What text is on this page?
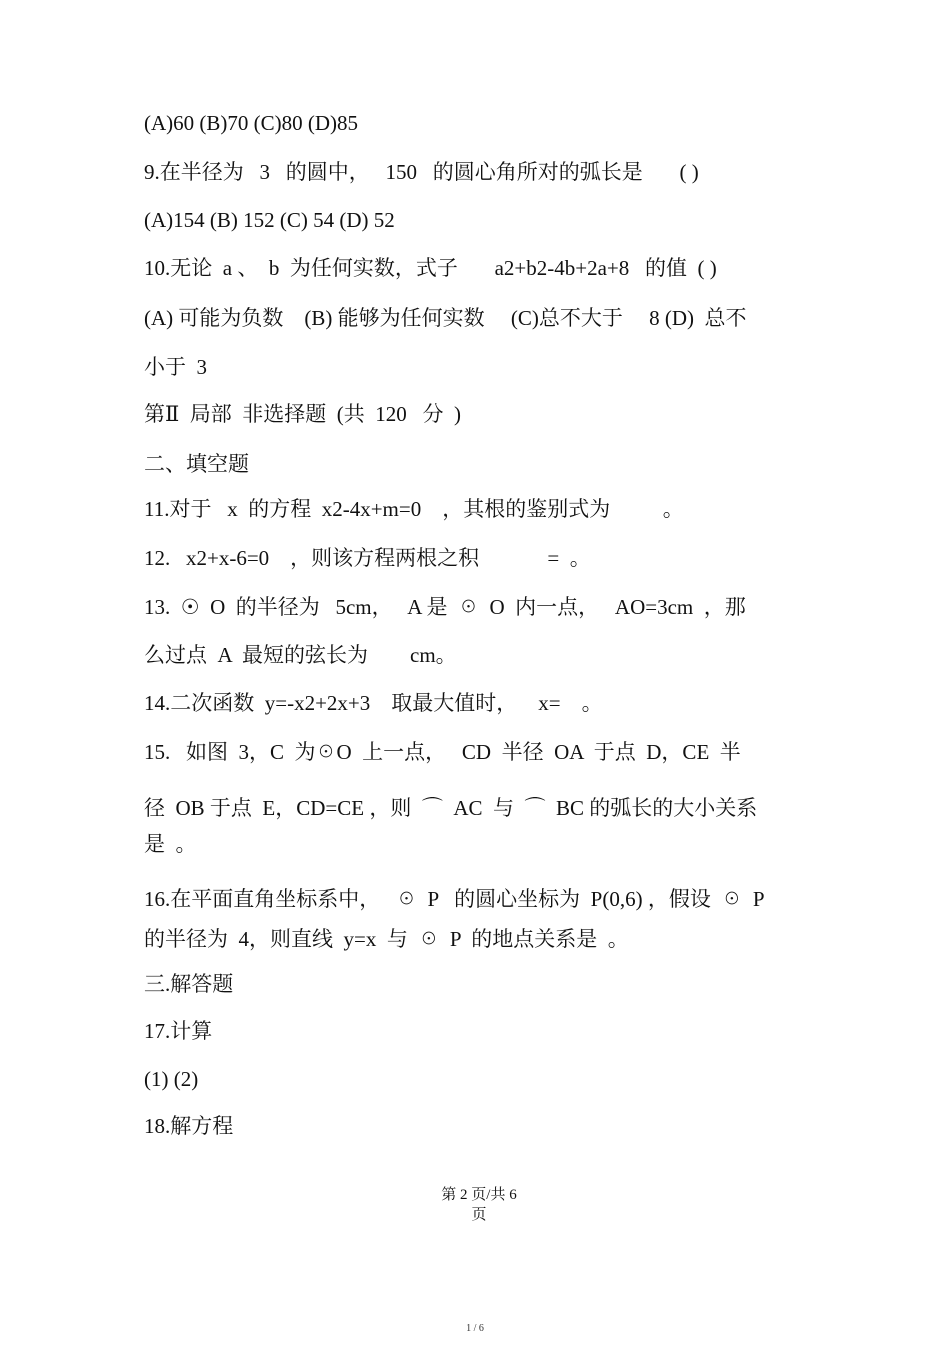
(A)60 (B)70 (C)80 (D)85
9.在半径为   3   的圆中，   150   的圆心角所对的弧长是       ( )
(A)154 (B) 152 (C) 54 (D) 52
10.无论  a 、  b  为任何实数，式子       a2+b2-4b+2a+8   的值  ( )
(A) 可能为负数    (B) 能够为任何实数     (C)总不大于     8 (D)  总不
小于  3
第Ⅱ  局部  非选择题  (共  120   分  )
二、填空题
11.对于   x  的方程  x2-4x+m=0    ，其根的鉴别式为          。
12.   x2+x-6=0    ，则该方程两根之积             =  。
13.  ☉  O  的半径为   5cm，   A 是  ☉  O  内一点，   AO=3cm  ，那
么过点  A  最短的弦长为        cm。
14.二次函数  y=-x2+2x+3    取最大值时，    x=    。
15.   如图  3，C  为☉O  上一点，   CD  半径  OA  于点  D，CE  半
径  OB 于点  E，CD=CE ，则  ⌒  AC  与  ⌒  BC 的弧长的大小关系
是  。
16.在平面直角坐标系中，   ☉  P   的圆心坐标为  P(0,6) ，假设  ☉  P
的半径为  4，则直线  y=x  与  ☉  P  的地点关系是  。
三.解答题
17.计算
(1) (2)
18.解方程
第 2 页/共 6
页
1 / 6
